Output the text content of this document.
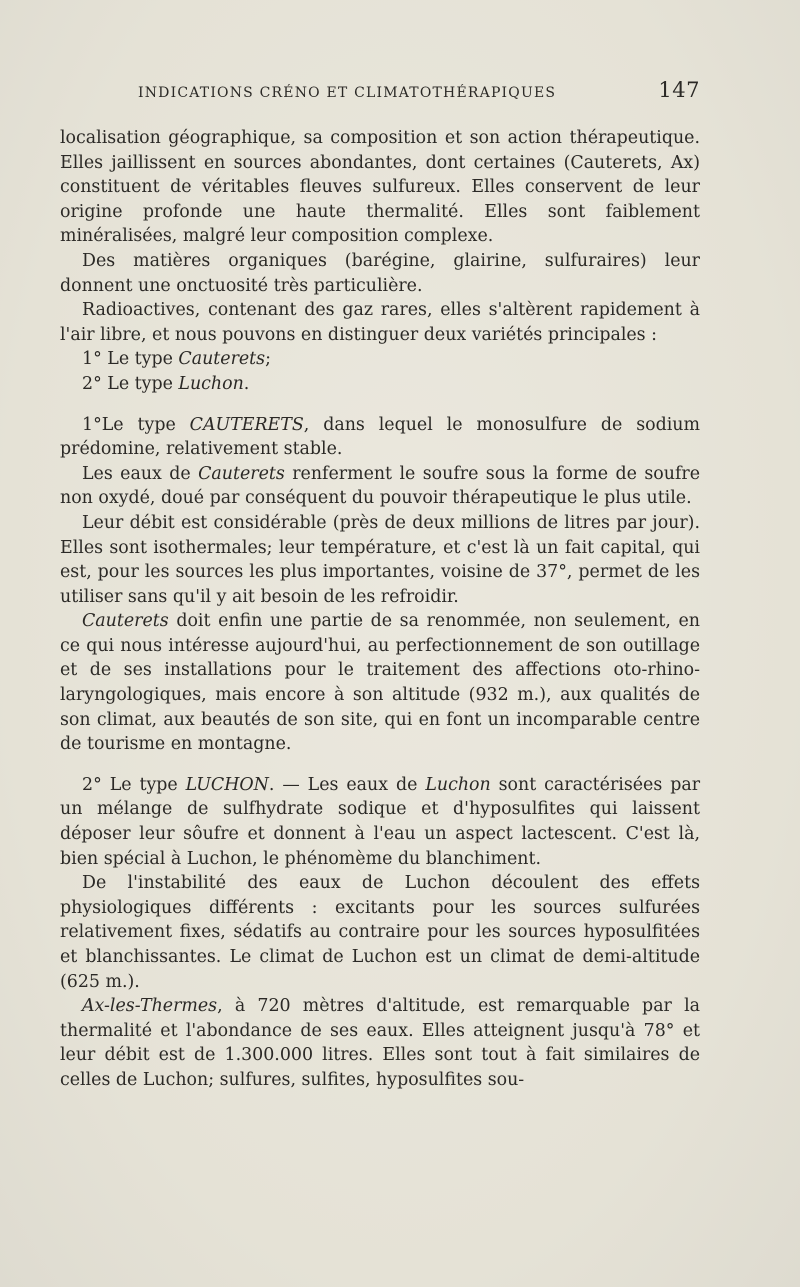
INDICATIONS CRÉNO ET CLIMATOTHÉRAPIQUES	147

localisation géographique, sa composition et son action thérapeutique. Elles jaillissent en sources abondantes, dont certaines (Cauterets, Ax) constituent de véritables fleuves sulfureux. Elles conservent de leur origine profonde une haute thermalité. Elles sont faiblement minéralisées, malgré leur composition complexe.

Des matières organiques (barégine, glairine, sulfuraires) leur donnent une onctuosité très particulière.

Radioactives, contenant des gaz rares, elles s'altèrent rapidement à l'air libre, et nous pouvons en distinguer deux variétés principales :

1° Le type Cauterets;
2° Le type Luchon.

1°Le type CAUTERETS, dans lequel le monosulfure de sodium prédomine, relativement stable.

Les eaux de Cauterets renferment le soufre sous la forme de soufre non oxydé, doué par conséquent du pouvoir thérapeutique le plus utile.

Leur débit est considérable (près de deux millions de litres par jour). Elles sont isothermales; leur température, et c'est là un fait capital, qui est, pour les sources les plus importantes, voisine de 37°, permet de les utiliser sans qu'il y ait besoin de les refroidir.

Cauterets doit enfin une partie de sa renommée, non seulement, en ce qui nous intéresse aujourd'hui, au perfectionnement de son outillage et de ses installations pour le traitement des affections oto-rhino-laryngologiques, mais encore à son altitude (932 m.), aux qualités de son climat, aux beautés de son site, qui en font un incomparable centre de tourisme en montagne.

2° Le type LUCHON. — Les eaux de Luchon sont caractérisées par un mélange de sulfhydrate sodique et d'hyposulfites qui laissent déposer leur sôufre et donnent à l'eau un aspect lactescent. C'est là, bien spécial à Luchon, le phénomème du blanchiment.

De l'instabilité des eaux de Luchon découlent des effets physiologiques différents : excitants pour les sources sulfurées relativement fixes, sédatifs au contraire pour les sources hyposulfitées et blanchissantes. Le climat de Luchon est un climat de demi-altitude (625 m.).

Ax-les-Thermes, à 720 mètres d'altitude, est remarquable par la thermalité et l'abondance de ses eaux. Elles atteignent jusqu'à 78° et leur débit est de 1.300.000 litres. Elles sont tout à fait similaires de celles de Luchon; sulfures, sulfites, hyposulfites sou-
